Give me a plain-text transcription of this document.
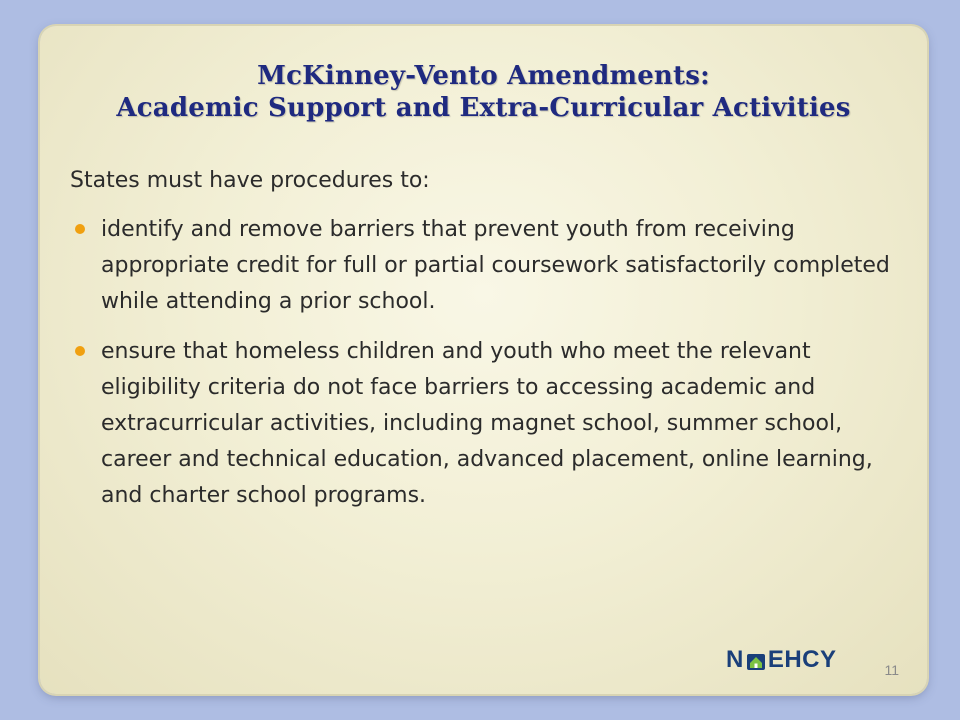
McKinney-Vento Amendments:
Academic Support and Extra-Curricular Activities

States must have procedures to:

identify and remove barriers that prevent youth from receiving appropriate credit for full or partial coursework satisfactorily completed while attending a prior school.
ensure that homeless children and youth who meet the relevant eligibility criteria do not face barriers to accessing academic and extracurricular activities, including magnet school, summer school, career and technical education, advanced placement, online learning, and charter school programs.
11
N EHCY
